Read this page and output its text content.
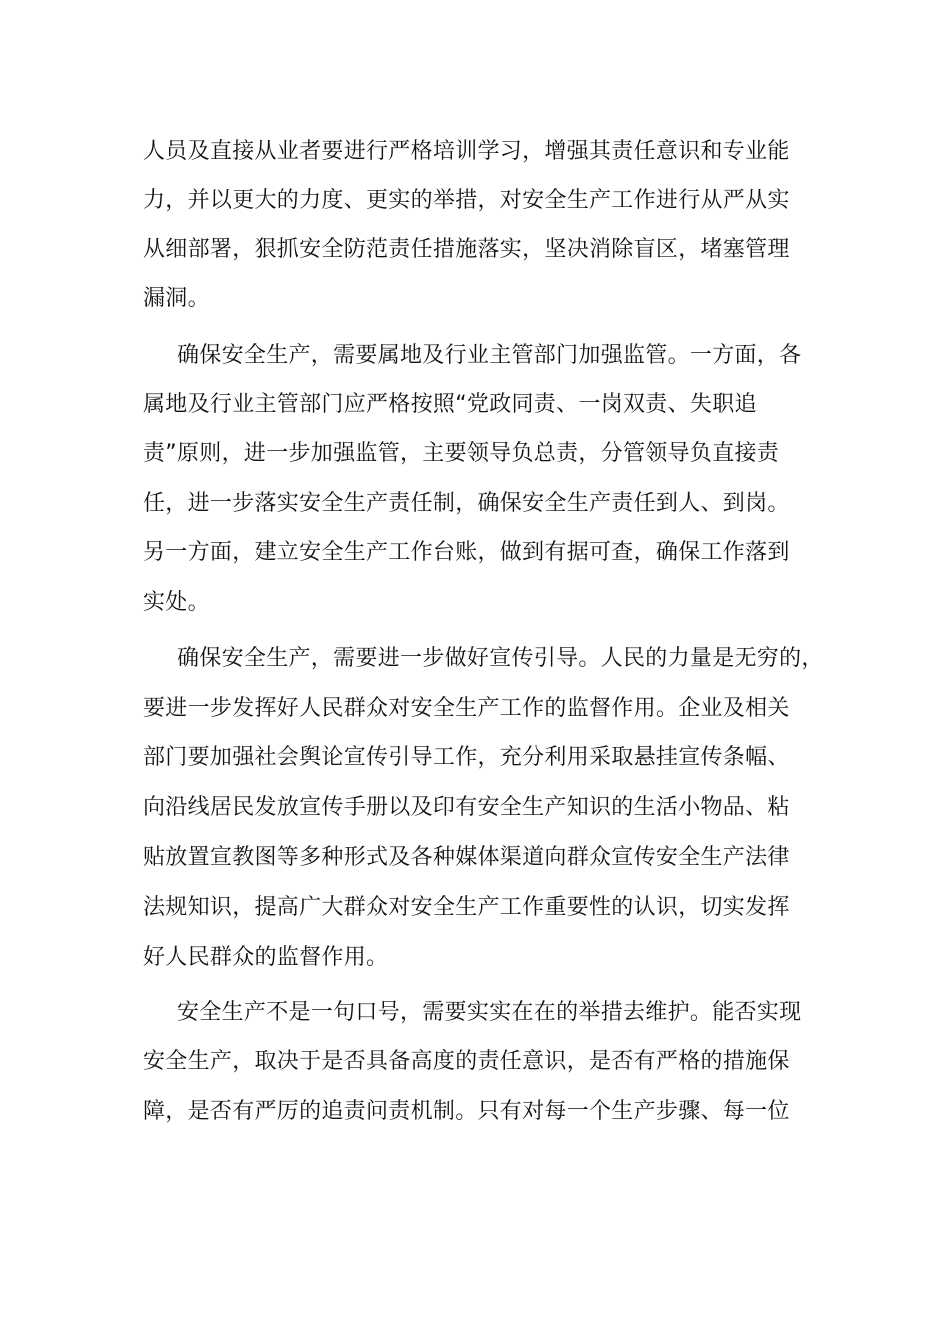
人员及直接从业者要进行严格培训学习，增强其责任意识和专业能
力，并以更大的力度、更实的举措，对安全生产工作进行从严从实
从细部署，狠抓安全防范责任措施落实，坚决消除盲区，堵塞管理
漏洞。
确保安全生产，需要属地及行业主管部门加强监管。一方面，各
属地及行业主管部门应严格按照“党政同责、一岗双责、失职追
责”原则，进一步加强监管，主要领导负总责，分管领导负直接责
任，进一步落实安全生产责任制，确保安全生产责任到人、到岗。
另一方面，建立安全生产工作台账，做到有据可查，确保工作落到
实处。
确保安全生产，需要进一步做好宣传引导。人民的力量是无穷的，
要进一步发挥好人民群众对安全生产工作的监督作用。企业及相关
部门要加强社会舆论宣传引导工作，充分利用采取悬挂宣传条幅、
向沿线居民发放宣传手册以及印有安全生产知识的生活小物品、粘
贴放置宣教图等多种形式及各种媒体渠道向群众宣传安全生产法律
法规知识，提高广大群众对安全生产工作重要性的认识，切实发挥
好人民群众的监督作用。
安全生产不是一句口号，需要实实在在的举措去维护。能否实现
安全生产，取决于是否具备高度的责任意识，是否有严格的措施保
障，是否有严厉的追责问责机制。只有对每一个生产步骤、每一位
